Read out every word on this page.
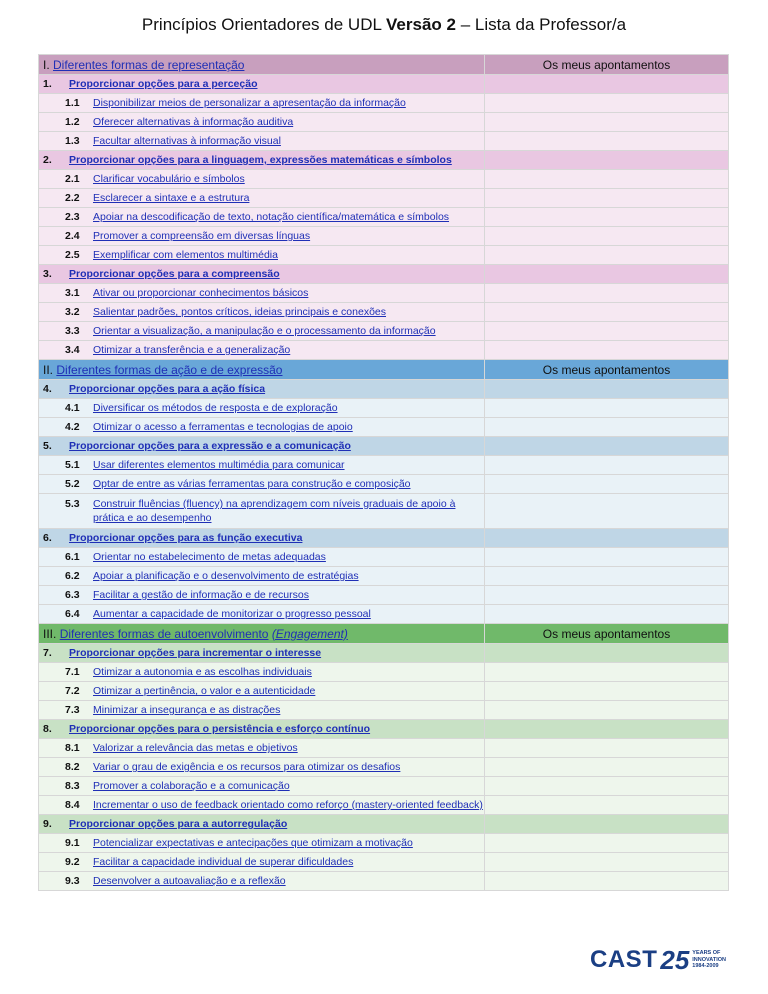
Princípios Orientadores de UDL Versão 2 – Lista da Professor/a
I. Diferentes formas de representação	Os meus apontamentos
1. Proporcionar opções para a perceção	
1.1 Disponibilizar meios de personalizar a apresentação da informação	
1.2 Oferecer alternativas à informação auditiva	
1.3 Facultar alternativas à informação visual	
2. Proporcionar opções para a linguagem, expressões matemáticas e símbolos	
2.1 Clarificar vocabulário e símbolos	
2.2 Esclarecer a sintaxe e a estrutura	
2.3 Apoiar na descodificação de texto, notação científica/matemática e símbolos	
2.4 Promover a compreensão em diversas línguas	
2.5 Exemplificar com elementos multimédia	
3. Proporcionar opções para a compreensão	
3.1 Ativar ou proporcionar conhecimentos básicos	
3.2 Salientar padrões, pontos críticos, ideias principais e conexões	
3.3 Orientar a visualização, a manipulação e o processamento da informação	
3.4 Otimizar a transferência e a generalização	
II. Diferentes formas de ação e de expressão	Os meus apontamentos
4. Proporcionar opções para a ação física	
4.1 Diversificar os métodos de resposta e de exploração	
4.2 Otimizar o acesso a ferramentas e tecnologias de apoio	
5. Proporcionar opções para a expressão e a comunicação	
5.1 Usar diferentes elementos multimédia para comunicar	
5.2 Optar de entre as várias ferramentas para construção e composição	
5.3 Construir fluências (fluency) na aprendizagem com níveis graduais de apoio à prática e ao desempenho	
6. Proporcionar opções para as função executiva	
6.1 Orientar no estabelecimento de metas adequadas	
6.2 Apoiar a planificação e o desenvolvimento de estratégias	
6.3 Facilitar a gestão de informação e de recursos	
6.4 Aumentar a capacidade de monitorizar o progresso pessoal	
III. Diferentes formas de autoenvolvimento (Engagement)	Os meus apontamentos
7. Proporcionar opções para incrementar o interesse	
7.1 Otimizar a autonomia e as escolhas individuais	
7.2 Otimizar a pertinência, o valor e a autenticidade	
7.3 Minimizar a insegurança e as distrações	
8. Proporcionar opções para o persistência e esforço contínuo	
8.1 Valorizar a relevância das metas e objetivos	
8.2 Variar o grau de exigência e os recursos para otimizar os desafios	
8.3 Promover a colaboração e a comunicação	
8.4 Incrementar o uso de feedback orientado como reforço (mastery-oriented feedback)	
9. Proporcionar opções para a autorregulação	
9.1 Potencializar expectativas e antecipações que otimizam a motivação	
9.2 Facilitar a capacidade individual de superar dificuldades	
9.3 Desenvolver a autoavaliação e a reflexão	
CAST 25 YEARS OF
INNOVATION
1984-2009
